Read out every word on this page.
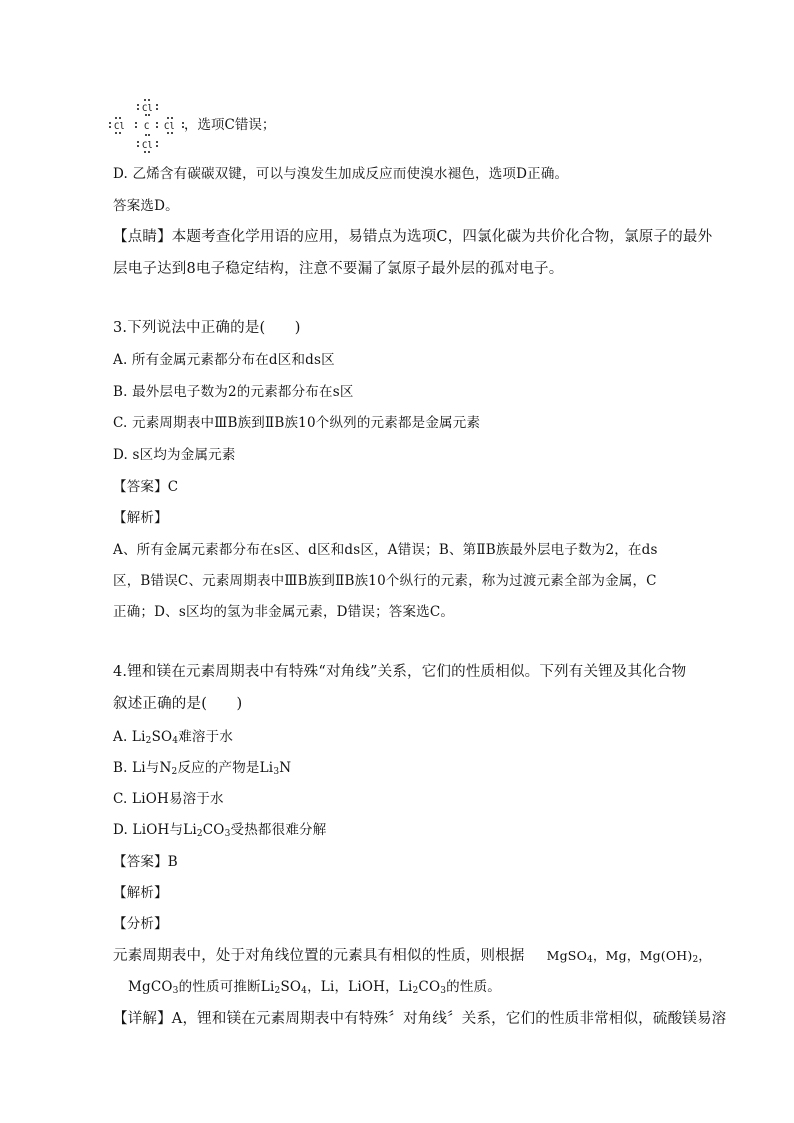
Cl
Cl C Cl
Cl
，选项C错误；
D. 乙烯含有碳碳双键，可以与溴发生加成反应而使溴水褪色，选项D正确。
答案选D。
【点睛】本题考查化学用语的应用，易错点为选项C，四氯化碳为共价化合物，氯原子的最外
层电子达到8电子稳定结构，注意不要漏了氯原子最外层的孤对电子。
3.下列说法中正确的是(　　)
A. 所有金属元素都分布在d区和ds区
B. 最外层电子数为2的元素都分布在s区
C. 元素周期表中ⅢB族到ⅡB族10个纵列的元素都是金属元素
D. s区均为金属元素
【答案】C
【解析】
A、所有金属元素都分布在s区、d区和ds区，A错误；B、第ⅡB族最外层电子数为2，在ds
区，B错误C、元素周期表中ⅢB族到ⅡB族10个纵行的元素，称为过渡元素全部为金属，C
正确；D、s区均的氢为非金属元素，D错误；答案选C。
4.锂和镁在元素周期表中有特殊“对角线”关系，它们的性质相似。下列有关锂及其化合物
叙述正确的是(　　)
A. $Li_2SO_4$难溶于水
B. Li与$N_2$反应的产物是$Li_3N$
C. LiOH易溶于水
D. LiOH与$Li_2CO_3$受热都很难分解
【答案】B
【解析】
【分析】
元素周期表中，处于对角线位置的元素具有相似的性质，则根据 MgSO$_4$，Mg，$Mg(OH)_2$，
MgCO$_3$的性质可推断$Li_2SO_4$，Li，LiOH，$Li_2CO_3$的性质。
【详解】A，锂和镁在元素周期表中有特殊〞对角线〞关系，它们的性质非常相似，硫酸镁易溶
